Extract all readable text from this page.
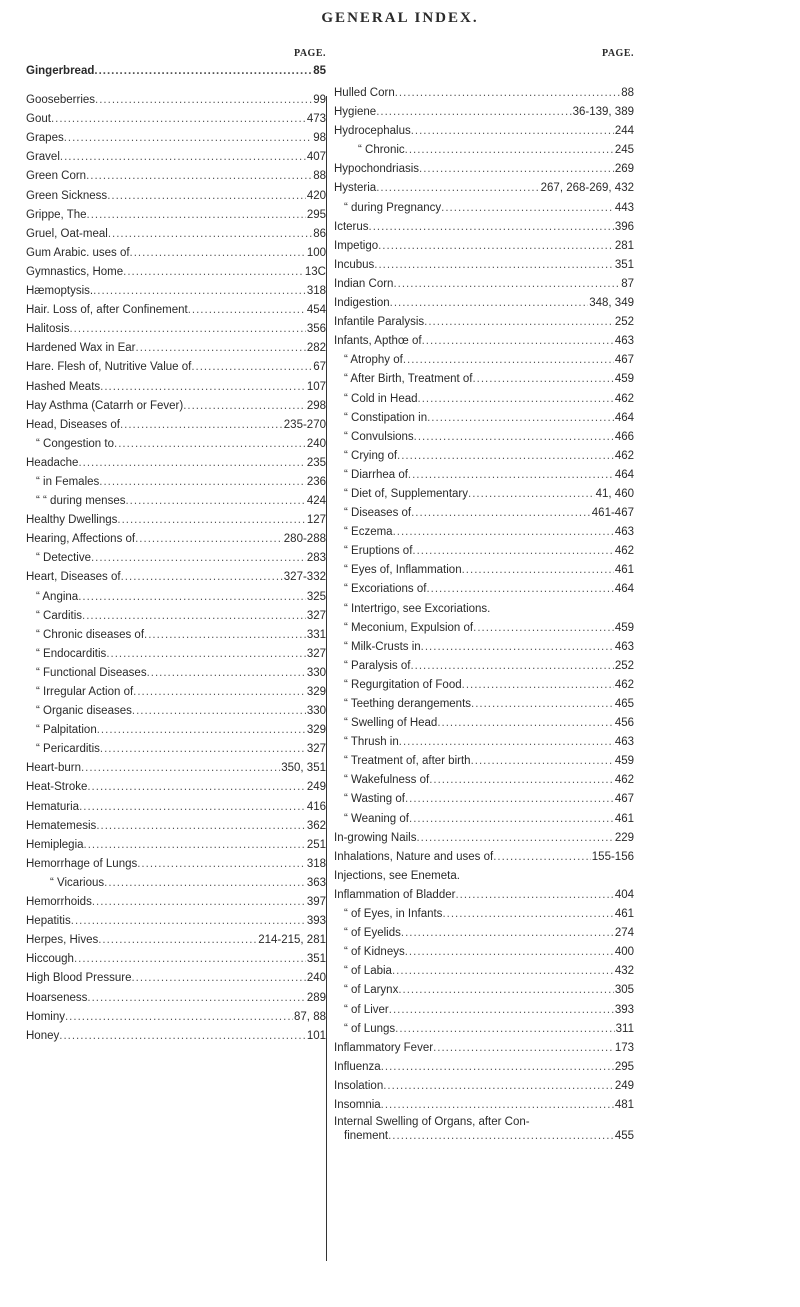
GENERAL INDEX.
PAGE.
Gingerbread .....	85
Gooseberries .....	99
Gout .....	473
Grapes .....	98
Gravel .....	407
Green Corn .....	88
Green Sickness .....	420
Grippe, The .....	295
Gruel, Oat-meal .....	86
Gum Arabic. uses of .....	100
Gymnastics, Home .....	13C
Hæmoptysis. .....	318
Hair. Loss of, after Confinement .....	454
Halitosis .....	356
Hardened Wax in Ear .....	282
Hare. Flesh of, Nutritive Value of .....	67
Hashed Meats .....	107
Hay Asthma (Catarrh or Fever) .....	298
Head, Diseases of .....	235-270
“ Congestion to .....	240
Headache .....	235
“ in Females .....	236
“ “ during menses .....	424
Healthy Dwellings .....	127
Hearing, Affections of .....	280-288
“ Detective .....	283
Heart, Diseases of .....	327-332
“ Angina .....	325
“ Carditis .....	327
“ Chronic diseases of .....	331
“ Endocarditis .....	327
“ Functional Diseases .....	330
“ Irregular Action of .....	329
“ Organic diseases .....	330
“ Palpitation .....	329
“ Pericarditis .....	327
Heart-burn .....	350, 351
Heat-Stroke .....	249
Hematuria .....	416
Hematemesis .....	362
Hemiplegia .....	251
Hemorrhage of Lungs .....	318
“ Vicarious .....	363
Hemorrhoids .....	397
Hepatitis .....	393
Herpes, Hives .....	214-215, 281
Hiccough .....	351
High Blood Pressure .....	240
Hoarseness .....	289
Hominy .....	87, 88
Honey .....	101
PAGE.
Hulled Corn .....	88
Hygiene .....	36-139, 389
Hydrocephalus .....	244
“ Chronic .....	245
Hypochondriasis .....	269
Hysteria .....	267, 268-269, 432
“ during Pregnancy .....	443
Icterus .....	396
Impetigo .....	281
Incubus .....	351
Indian Corn .....	87
Indigestion .....	348, 349
Infantile Paralysis .....	252
Infants, Apthœ of .....	463
“ Atrophy of .....	467
“ After Birth, Treatment of .....	459
“ Cold in Head .....	462
“ Constipation in .....	464
“ Convulsions .....	466
“ Crying of .....	462
“ Diarrhea of .....	464
“ Diet of, Supplementary .....	41, 460
“ Diseases of .....	461-467
“ Eczema .....	463
“ Eruptions of .....	462
“ Eyes of, Inflammation .....	461
“ Excoriations of .....	464
“ Intertrigo, see Excoriations.
“ Meconium, Expulsion of .....	459
“ Milk-Crusts in .....	463
“ Paralysis of .....	252
“ Regurgitation of Food .....	462
“ Teething derangements .....	465
“ Swelling of Head .....	456
“ Thrush in .....	463
“ Treatment of, after birth .....	459
“ Wakefulness of .....	462
“ Wasting of .....	467
“ Weaning of .....	461
In-growing Nails .....	229
Inhalations, Nature and uses of .....	155-156
Injections, see Enemeta.
Inflammation of Bladder .....	404
“ of Eyes, in Infants .....	461
“ of Eyelids .....	274
“ of Kidneys .....	400
“ of Labia .....	432
“ of Larynx .....	305
“ of Liver .....	393
“ of Lungs .....	311
Inflammatory Fever .....	173
Influenza .....	295
Insolation .....	249
Insomnia .....	481
Internal Swelling of Organs, after Con-
finement .....	455
